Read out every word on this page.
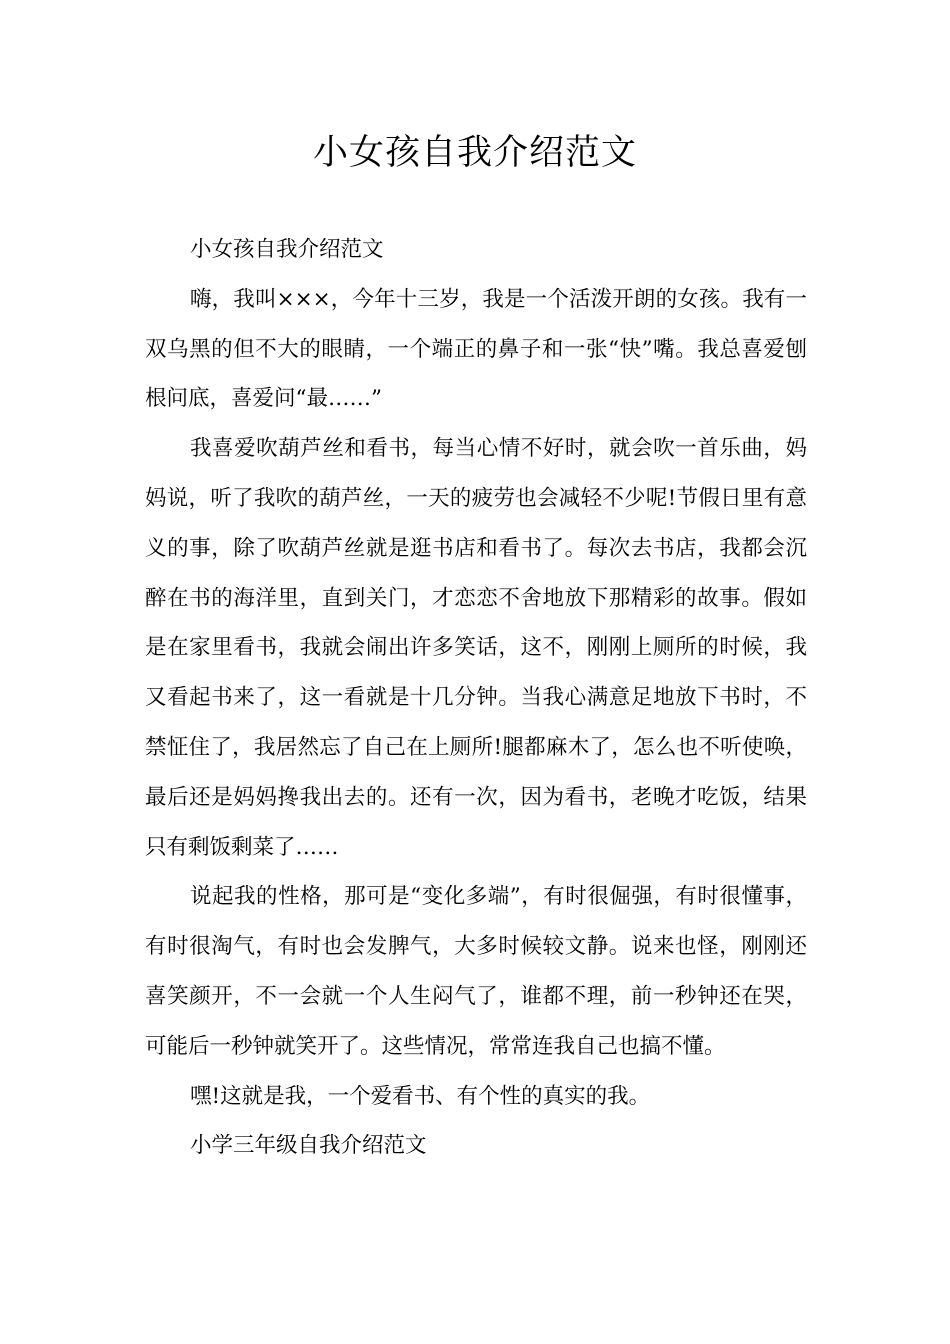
小女孩自我介绍范文

小女孩自我介绍范文

嗨，我叫×××，今年十三岁，我是一个活泼开朗的女孩。我有一双乌黑的但不大的眼睛，一个端正的鼻子和一张“快”嘴。我总喜爱刨根问底，喜爱问“最……”

我喜爱吹葫芦丝和看书，每当心情不好时，就会吹一首乐曲，妈妈说，听了我吹的葫芦丝，一天的疲劳也会减轻不少呢!节假日里有意义的事，除了吹葫芦丝就是逛书店和看书了。每次去书店，我都会沉醉在书的海洋里，直到关门，才恋恋不舍地放下那精彩的故事。假如是在家里看书，我就会闹出许多笑话，这不，刚刚上厕所的时候，我又看起书来了，这一看就是十几分钟。当我心满意足地放下书时，不禁怔住了，我居然忘了自己在上厕所!腿都麻木了，怎么也不听使唤，最后还是妈妈搀我出去的。还有一次，因为看书，老晚才吃饭，结果只有剩饭剩菜了……

说起我的性格，那可是“变化多端”，有时很倔强，有时很懂事，有时很淘气，有时也会发脾气，大多时候较文静。说来也怪，刚刚还喜笑颜开，不一会就一个人生闷气了，谁都不理，前一秒钟还在哭，可能后一秒钟就笑开了。这些情况，常常连我自己也搞不懂。

嘿!这就是我，一个爱看书、有个性的真实的我。

小学三年级自我介绍范文
